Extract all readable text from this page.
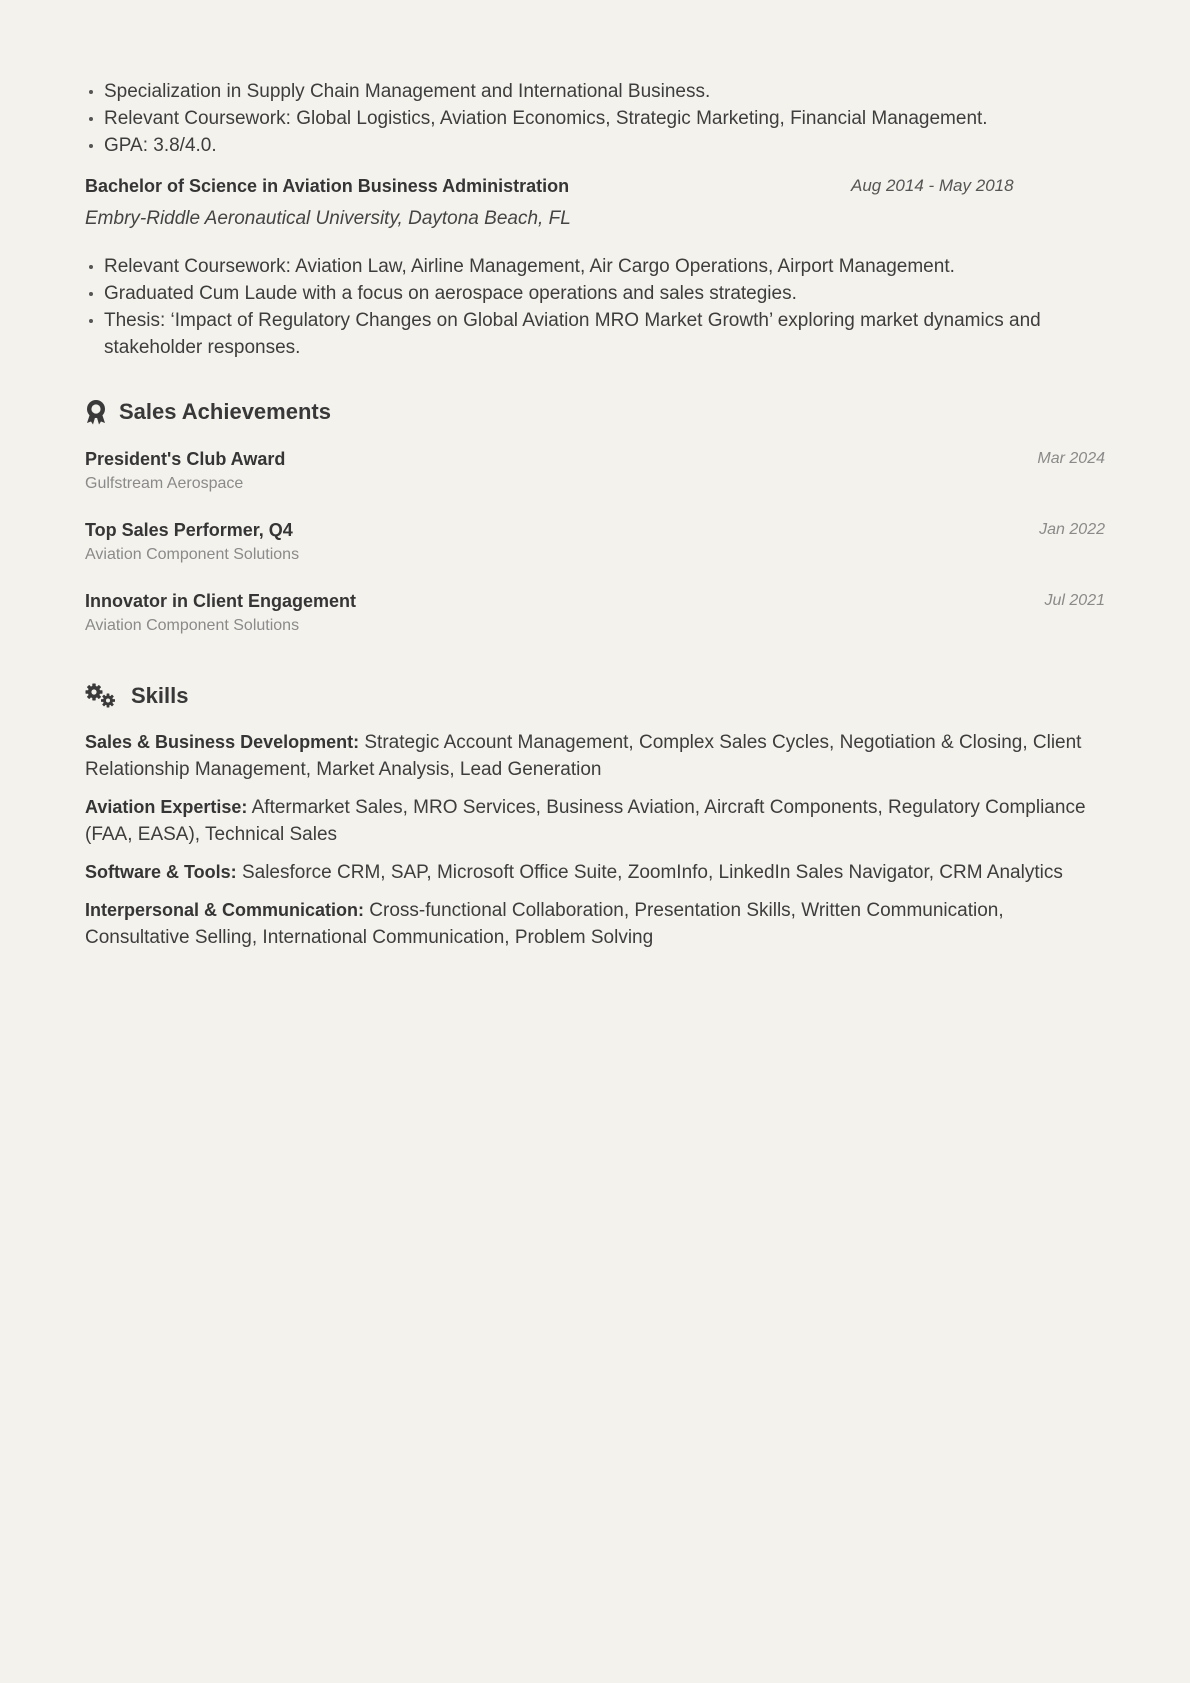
Specialization in Supply Chain Management and International Business.
Relevant Coursework: Global Logistics, Aviation Economics, Strategic Marketing, Financial Management.
GPA: 3.8/4.0.
Bachelor of Science in Aviation Business Administration	Aug 2014 - May 2018
Embry-Riddle Aeronautical University, Daytona Beach, FL
Relevant Coursework: Aviation Law, Airline Management, Air Cargo Operations, Airport Management.
Graduated Cum Laude with a focus on aerospace operations and sales strategies.
Thesis: ‘Impact of Regulatory Changes on Global Aviation MRO Market Growth’ exploring market dynamics and stakeholder responses.
Sales Achievements
President's Club Award
Gulfstream Aerospace
Mar 2024
Top Sales Performer, Q4
Aviation Component Solutions
Jan 2022
Innovator in Client Engagement
Aviation Component Solutions
Jul 2021
Skills
Sales & Business Development: Strategic Account Management, Complex Sales Cycles, Negotiation & Closing, Client Relationship Management, Market Analysis, Lead Generation
Aviation Expertise: Aftermarket Sales, MRO Services, Business Aviation, Aircraft Components, Regulatory Compliance (FAA, EASA), Technical Sales
Software & Tools: Salesforce CRM, SAP, Microsoft Office Suite, ZoomInfo, LinkedIn Sales Navigator, CRM Analytics
Interpersonal & Communication: Cross-functional Collaboration, Presentation Skills, Written Communication, Consultative Selling, International Communication, Problem Solving
